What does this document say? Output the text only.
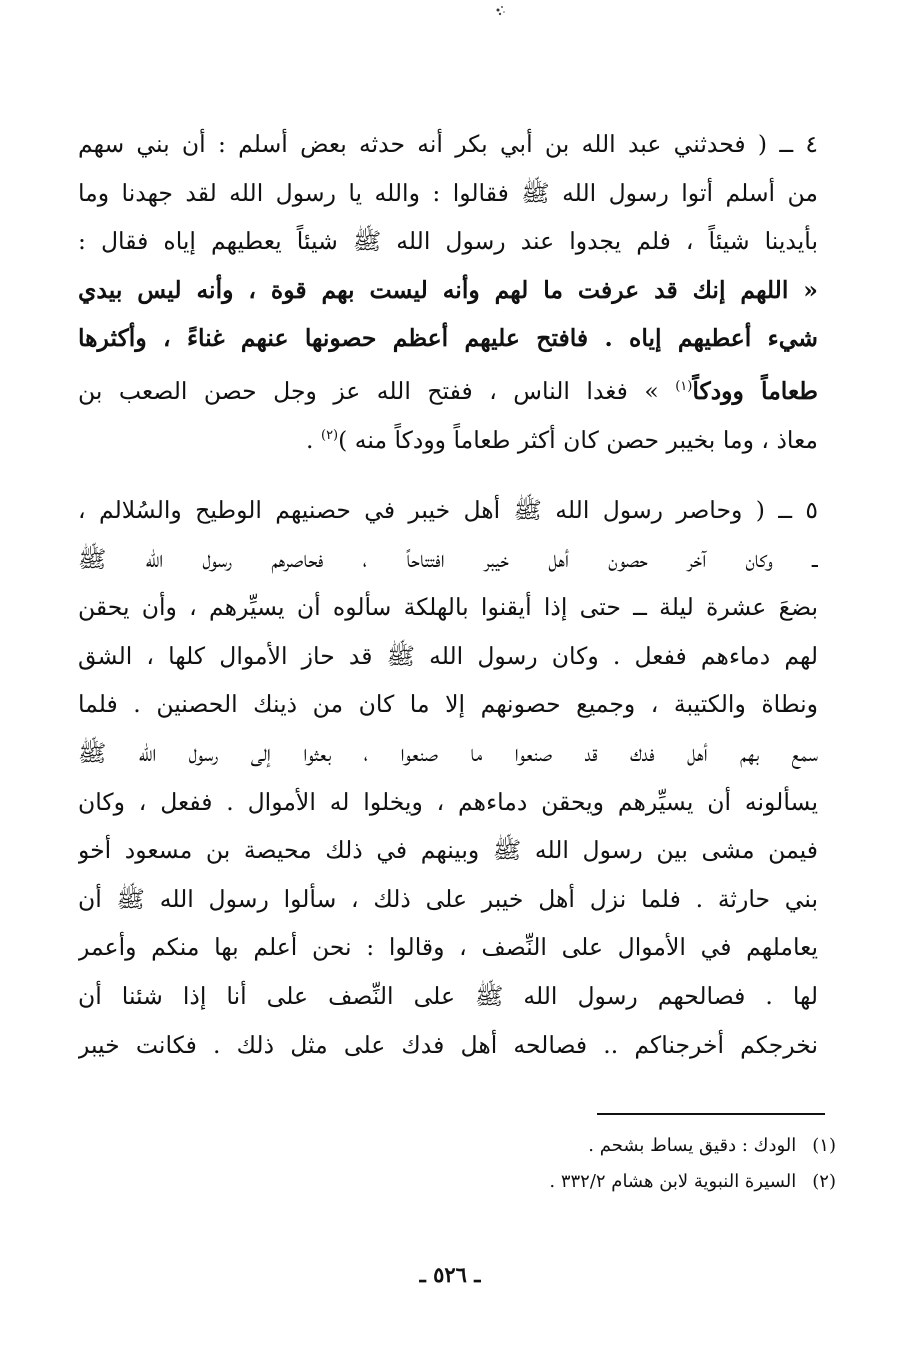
٤ ــ ( فحدثني عبد الله بن أبي بكر أنه حدثه بعض أسلم : أن بني سهم
من أسلم أتوا رسول الله ﷺ فقالوا : والله يا رسول الله لقد جهدنا وما
بأيدينا شيئاً ، فلم يجدوا عند رسول الله ﷺ شيئاً يعطيهم إياه فقال :
« اللهم إنك قد عرفت ما لهم وأنه ليست بهم قوة ، وأنه ليس بيدي
شيء أعطيهم إياه . فافتح عليهم أعظم حصونها عنهم غناءً ، وأكثرها
طعاماً وودكاً$^{(١)}$ » فغدا الناس ، ففتح الله عز وجل حصن الصعب بن
معاذ ، وما بخيبر حصن كان أكثر طعاماً وودكاً منه )$^{(٢)}$ .
٥ ــ ( وحاصر رسول الله ﷺ أهل خيبر في حصنيهم الوطيح والسُلالم ،
ــ وكان آخر حصون أهل خيبر افتتاحاً ، فحاصرهم رسول الله ﷺ
بضعَ عشرة ليلة ــ حتى إذا أيقنوا بالهلكة سألوه أن يسيِّرهم ، وأن يحقن
لهم دماءهم ففعل . وكان رسول الله ﷺ قد حاز الأموال كلها ، الشق
ونطاة والكتيبة ، وجميع حصونهم إلا ما كان من ذينك الحصنين . فلما
سمع بهم أهل فدك قد صنعوا ما صنعوا ، بعثوا إلى رسول الله ﷺ
يسألونه أن يسيِّرهم ويحقن دماءهم ، ويخلوا له الأموال . ففعل ، وكان
فيمن مشى بين رسول الله ﷺ وبينهم في ذلك محيصة بن مسعود أخو
بني حارثة . فلما نزل أهل خيبر على ذلك ، سألوا رسول الله ﷺ أن
يعاملهم في الأموال على النِّصف ، وقالوا : نحن أعلم بها منكم وأعمر
لها . فصالحهم رسول الله ﷺ على النِّصف على أنا إذا شئنا أن
نخرجكم أخرجناكم .. فصالحه أهل فدك على مثل ذلك . فكانت خيبر
(١) الودك : دقيق يساط بشحم .
(٢) السيرة النبوية لابن هشام ٣٣٢/٢ .
ـ ٥٢٦ ـ
